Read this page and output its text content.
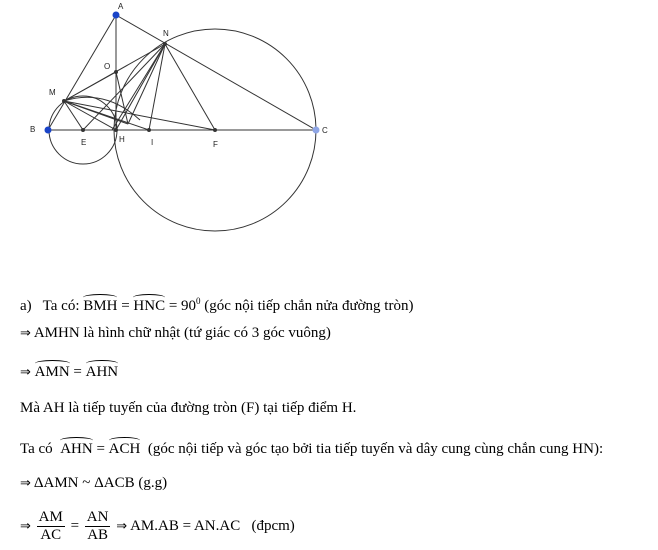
A
O
N
M
B
E	H	I	F
C
a) Ta có: BMH = HNC = $90^0$ (góc nội tiếp chắn nửa đường tròn)
⇒ AMHN là hình chữ nhật (tứ giác có 3 góc vuông)
⇒ AMN = AHN
Mà AH là tiếp tuyến của đường tròn (F) tại tiếp điểm H.
Ta có AHN = ACH (góc nội tiếp và góc tạo bởi tia tiếp tuyến và dây cung cùng chắn cung HN):
⇒ ΔAMN ~ ΔACB (g.g)
⇒ $\frac{AM}{AC} = \frac{AN}{AB}$ ⇒ AM.AB = AN.AC (đpcm)
